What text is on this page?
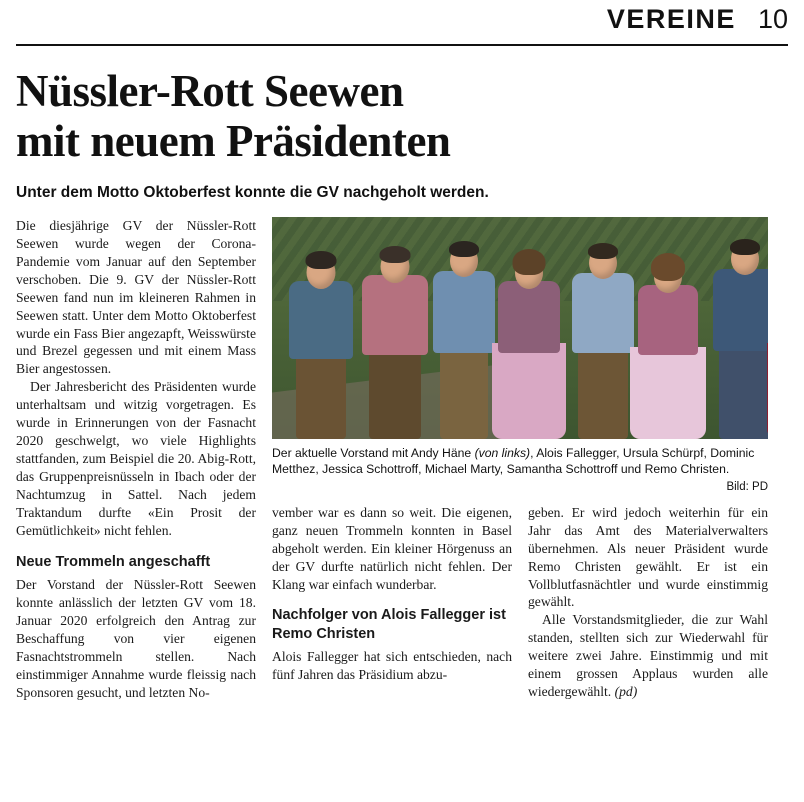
VEREINE 10
Nüssler-Rott Seewen
mit neuem Präsidenten
Unter dem Motto Oktoberfest konnte die GV nachgeholt werden.

Die diesjährige GV der Nüssler-Rott Seewen wurde wegen der Corona-Pandemie vom Januar auf den September verschoben. Die 9. GV der Nüssler-Rott Seewen fand nun im kleineren Rahmen in Seewen statt. Unter dem Motto Oktoberfest wurde ein Fass Bier angezapft, Weisswürste und Brezel gegessen und mit einem Mass Bier angestossen.

Der Jahresbericht des Präsidenten wurde unterhaltsam und witzig vorgetragen. Es wurde in Erinnerungen von der Fasnacht 2020 geschwelgt, wo viele Highlights stattfanden, zum Beispiel die 20. Abig-Rott, das Gruppenpreisnüsseln in Ibach oder der Nachtumzug in Sattel. Nach jedem Traktandum durfte «Ein Prosit der Gemütlichkeit» nicht fehlen.

Neue Trommeln angeschafft

Der Vorstand der Nüssler-Rott Seewen konnte anlässlich der letzten GV vom 18. Januar 2020 erfolgreich den Antrag zur Beschaffung von vier eigenen Fasnachtstrommeln stellen. Nach einstimmiger Annahme wurde fleissig nach Sponsoren gesucht, und letzten No-

Der aktuelle Vorstand mit Andy Häne (von links), Alois Fallegger, Ursula Schürpf, Dominic Metthez, Jessica Schottroff, Michael Marty, Samantha Schottroff und Remo Christen.
Bild: PD

vember war es dann so weit. Die eigenen, ganz neuen Trommeln konnten in Basel abgeholt werden. Ein kleiner Hörgenuss an der GV durfte natürlich nicht fehlen. Der Klang war einfach wunderbar.

Nachfolger von Alois Fallegger ist Remo Christen

Alois Fallegger hat sich entschieden, nach fünf Jahren das Präsidium abzu-

geben. Er wird jedoch weiterhin für ein Jahr das Amt des Materialverwalters übernehmen. Als neuer Präsident wurde Remo Christen gewählt. Er ist ein Vollblutfasnächtler und wurde einstimmig gewählt.

Alle Vorstandsmitglieder, die zur Wahl standen, stellten sich zur Wiederwahl für weitere zwei Jahre. Einstimmig und mit einem grossen Applaus wurden alle wiedergewählt. (pd)
